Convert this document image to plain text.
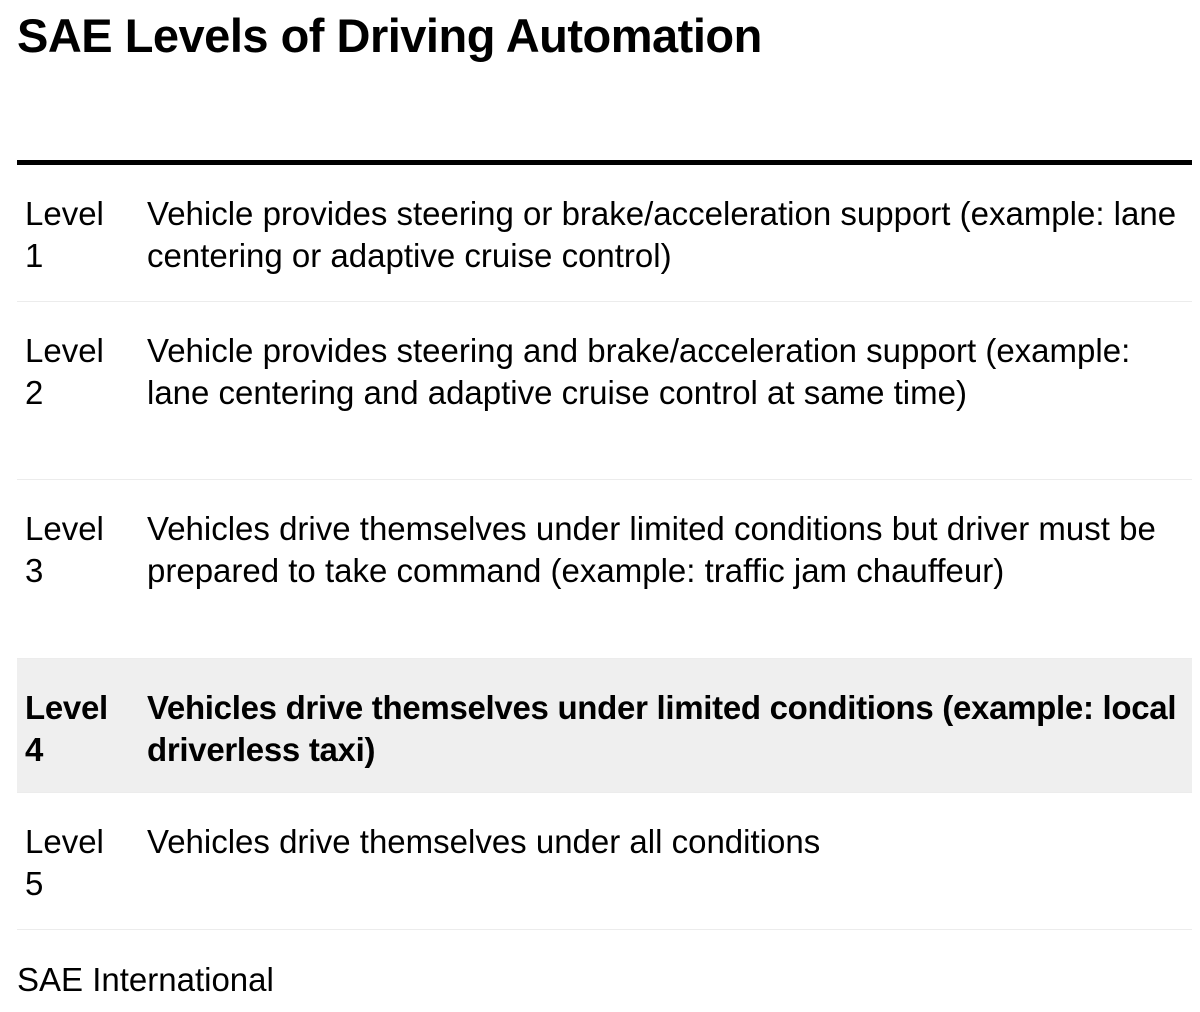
SAE Levels of Driving Automation
Level 1
Vehicle provides steering or brake/acceleration support (example: lane centering or adaptive cruise control)
Level 2
Vehicle provides steering and brake/acceleration support (example: lane centering and adaptive cruise control at same time)
Level 3
Vehicles drive themselves under limited conditions but driver must be prepared to take command (example: traffic jam chauffeur)
Level 4
Vehicles drive themselves under limited conditions (example: local driverless taxi)
Level 5
Vehicles drive themselves under all conditions
SAE International
